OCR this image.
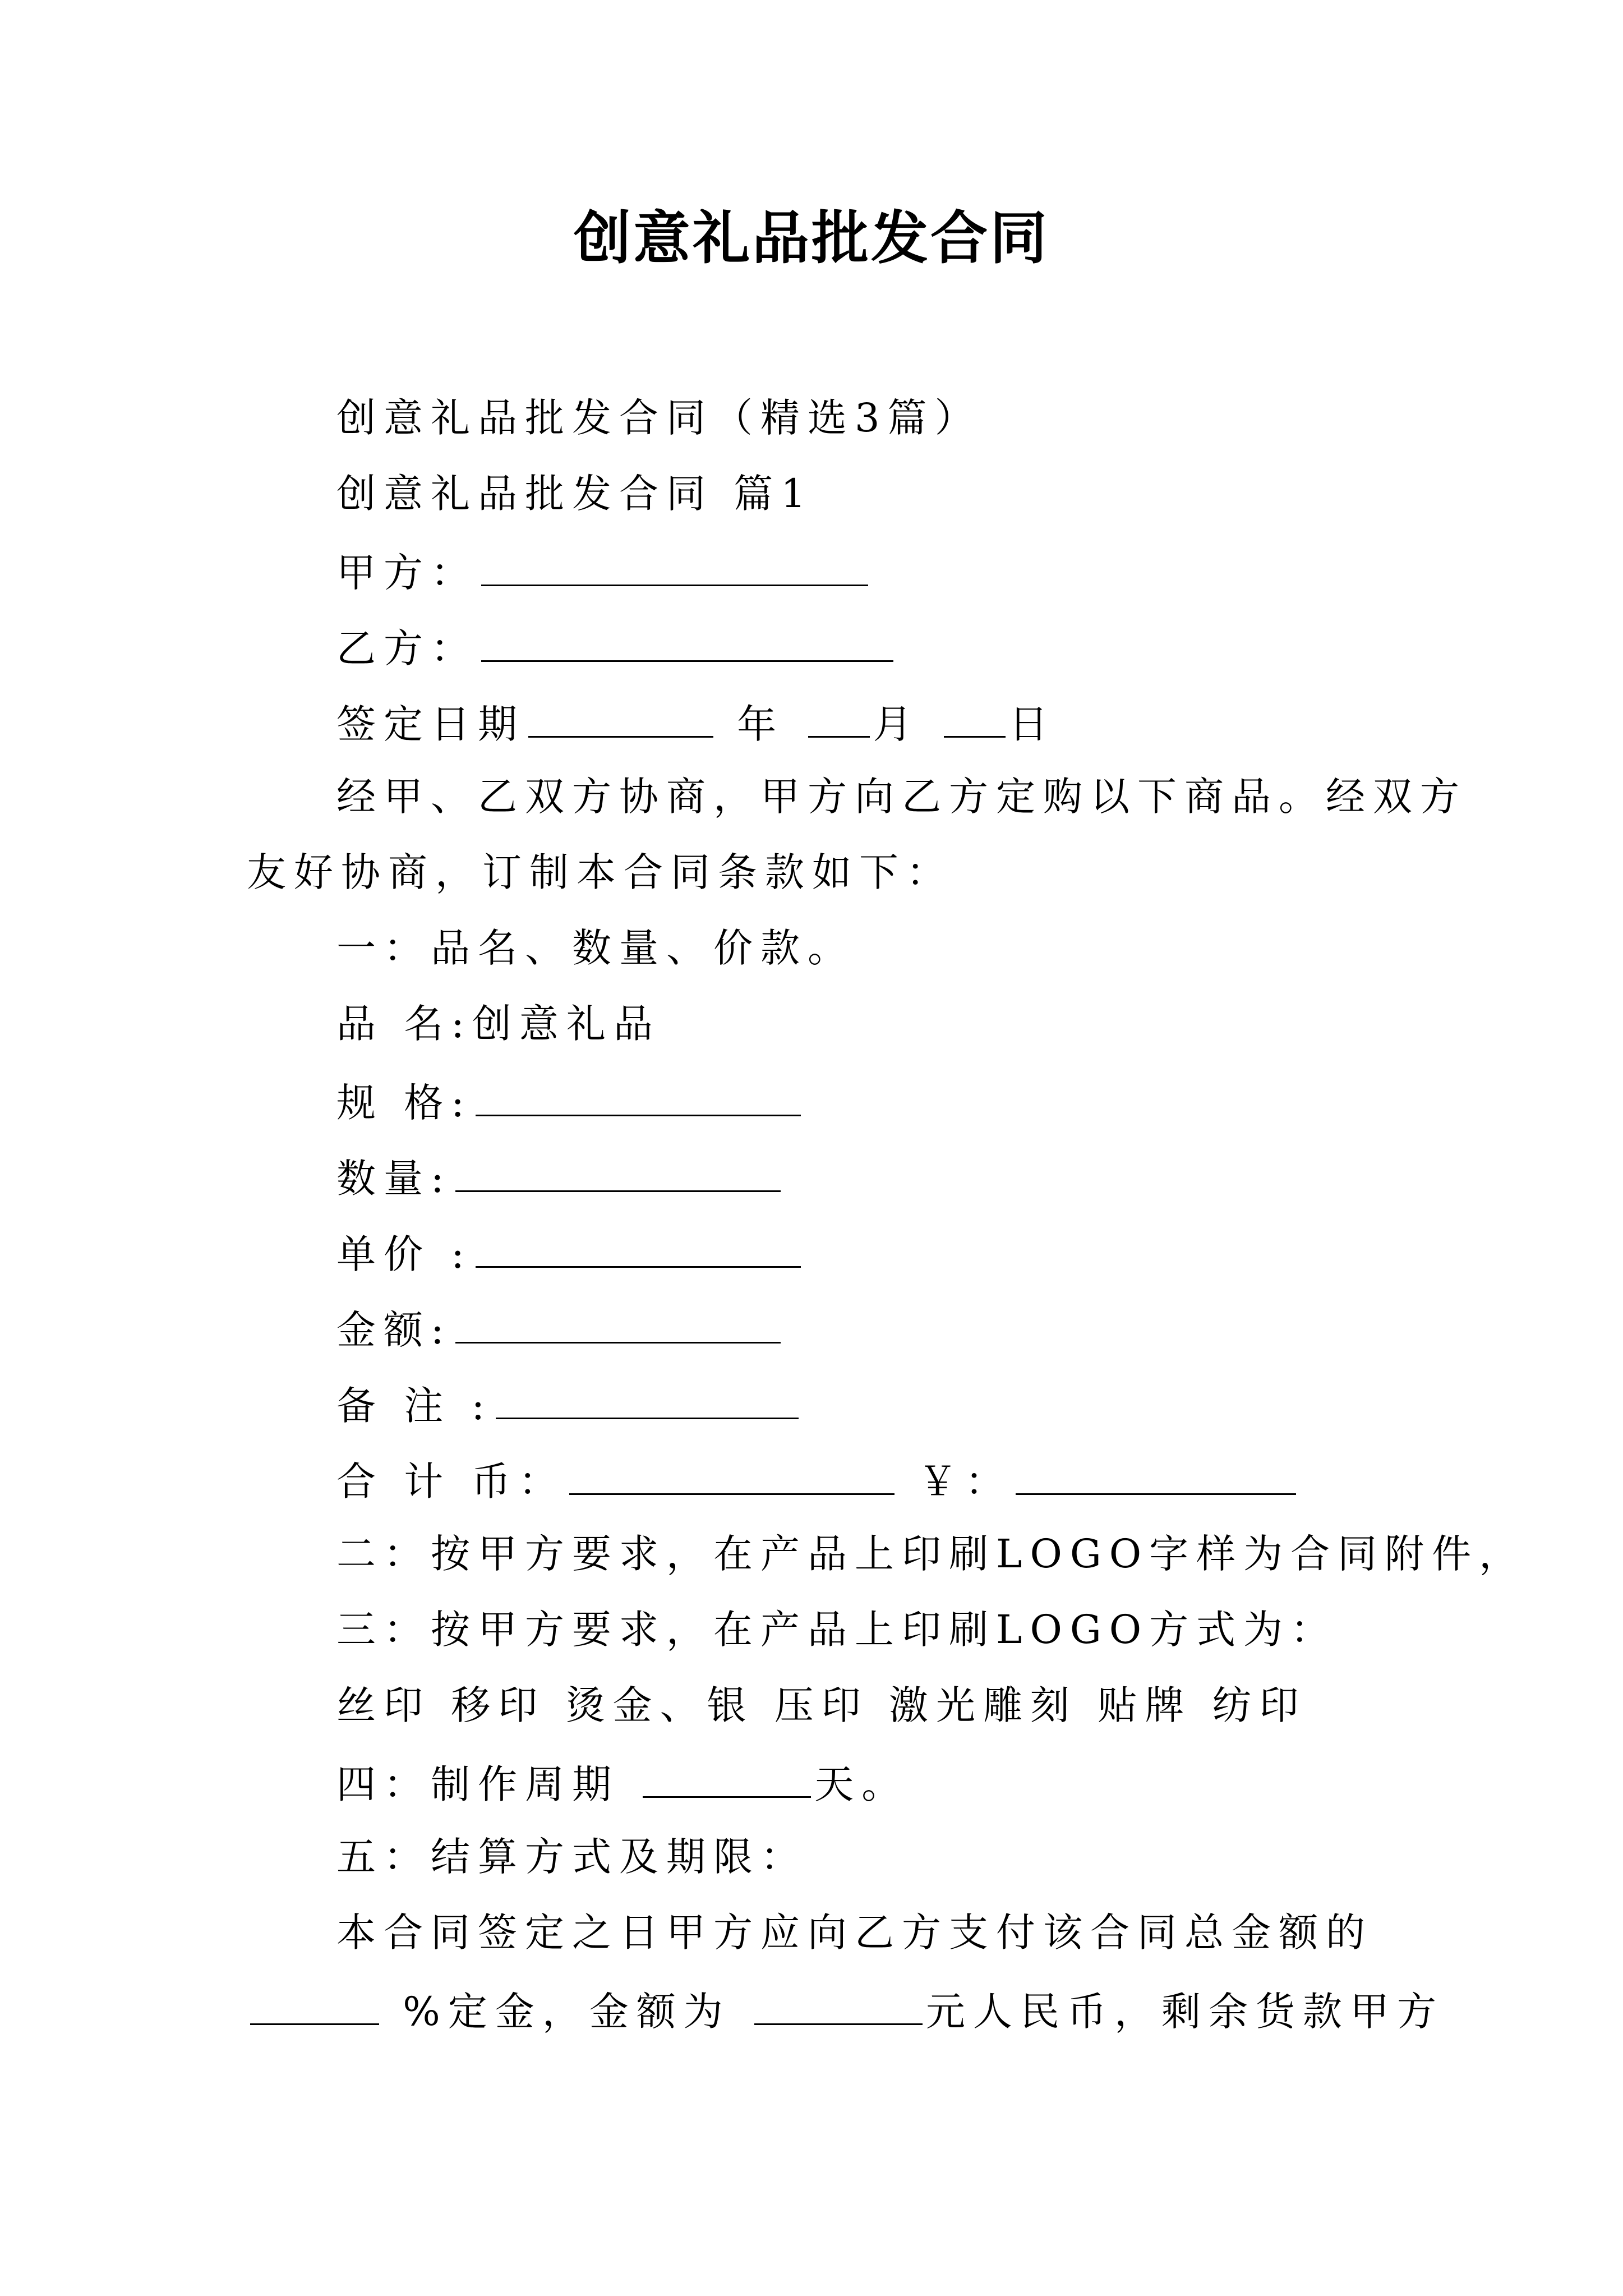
创意礼品批发合同
创意礼品批发合同（精选3篇）
创意礼品批发合同 篇1
甲方：
乙方：
签定日期	年 月 日
经甲、乙双方协商，甲方向乙方定购以下商品。经双方
友好协商，订制本合同条款如下：
一：品名、数量、价款。
品 名:创意礼品
规 格:
数量:
单价 :
金额:
备 注 :
合 计 币：	￥：
二：按甲方要求，在产品上印刷LOGO字样为合同附件，
三：按甲方要求，在产品上印刷LOGO方式为：
丝印 移印 烫金、银 压印 激光雕刻 贴牌 纺印
四：制作周期	天。
五：结算方式及期限：
本合同签定之日甲方应向乙方支付该合同总金额的
%定金，金额为	元人民币，剩余货款甲方
